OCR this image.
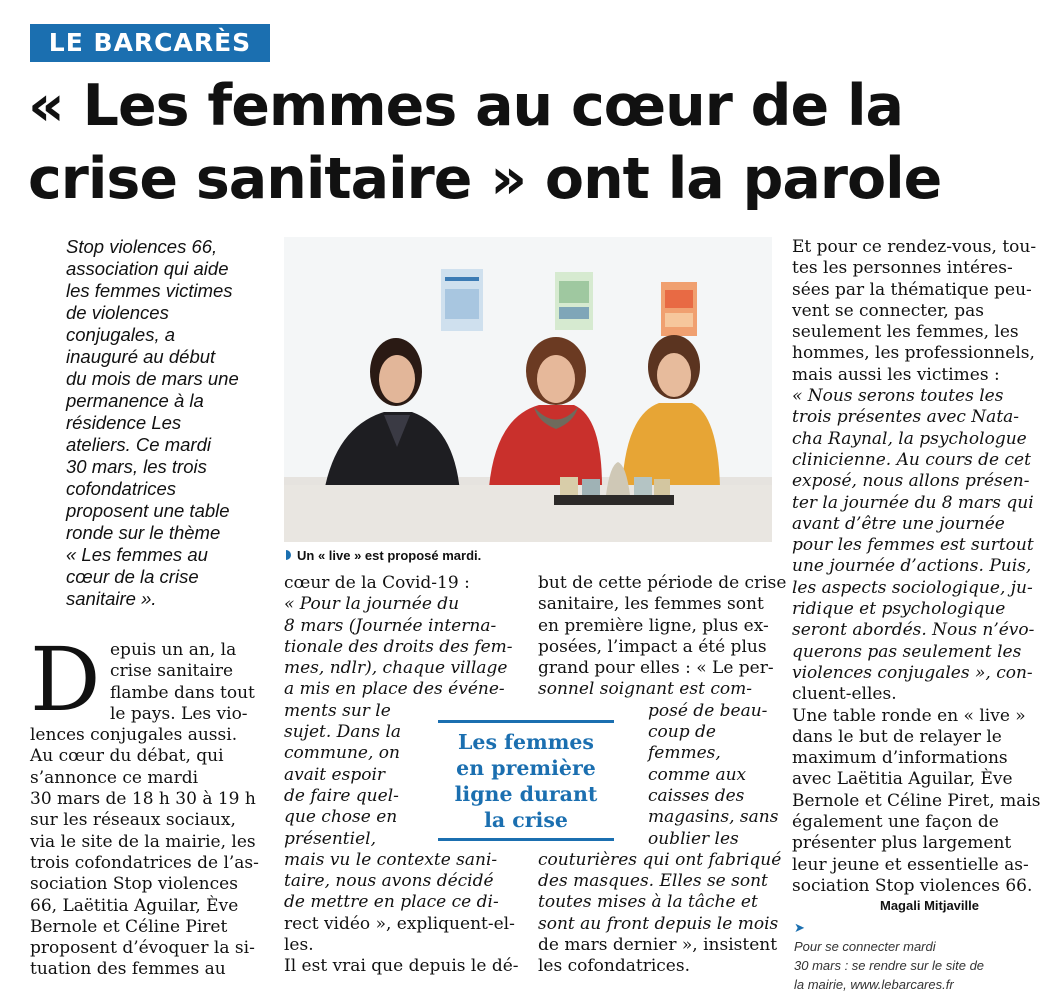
LE BARCARÈS
« Les femmes au cœur de la
crise sanitaire » ont la parole
Stop violences 66,
association qui aide
les femmes victimes
de violences
conjugales, a
inauguré au début
du mois de mars une
permanence à la
résidence Les
ateliers. Ce mardi
30 mars, les trois
cofondatrices
proposent une table
ronde sur le thème
« Les femmes au
cœur de la crise
sanitaire ».
Un « live » est proposé mardi.
D epuis un an, la
crise sanitaire
flambe dans tout
le pays. Les vio-
lences conjugales aussi.
Au cœur du débat, qui
s’annonce ce mardi
30 mars de 18 h 30 à 19 h
sur les réseaux sociaux,
via le site de la mairie, les
trois cofondatrices de l’as-
sociation Stop violences
66, Laëtitia Aguilar, Ève
Bernole et Céline Piret
proposent d’évoquer la si-
tuation des femmes au
cœur de la Covid-19 :
« Pour la journée du
8 mars (Journée interna-
tionale des droits des fem-
mes, ndlr), chaque village
a mis en place des événe-
ments sur le
sujet. Dans la
commune, on
avait espoir
de faire quel-
que chose en
présentiel,
mais vu le contexte sani-
taire, nous avons décidé
de mettre en place ce di-
rect vidéo », expliquent-el-
les.
Il est vrai que depuis le dé-
Les femmes
en première
ligne durant
la crise
but de cette période de crise
sanitaire, les femmes sont
en première ligne, plus ex-
posées, l’impact a été plus
grand pour elles : « Le per-
sonnel soignant est com-
posé de beau-
coup de
femmes,
comme aux
caisses des
magasins, sans
oublier les
couturières qui ont fabriqué
des masques. Elles se sont
toutes mises à la tâche et
sont au front depuis le mois
de mars dernier », insistent
les cofondatrices.
Et pour ce rendez-vous, tou-
tes les personnes intéres-
sées par la thématique peu-
vent se connecter, pas
seulement les femmes, les
hommes, les professionnels,
mais aussi les victimes :
« Nous serons toutes les
trois présentes avec Nata-
cha Raynal, la psychologue
clinicienne. Au cours de cet
exposé, nous allons présen-
ter la journée du 8 mars qui
avant d’être une journée
pour les femmes est surtout
une journée d’actions. Puis,
les aspects sociologique, ju-
ridique et psychologique
seront abordés. Nous n’évo-
querons pas seulement les
violences conjugales », con-
cluent-elles.
Une table ronde en « live »
dans le but de relayer le
maximum d’informations
avec Laëtitia Aguilar, Ève
Bernole et Céline Piret, mais
également une façon de
présenter plus largement
leur jeune et essentielle as-
sociation Stop violences 66.
Magali Mitjaville
➤
Pour se connecter mardi
30 mars : se rendre sur le site de
la mairie, www.lebarcares.fr
